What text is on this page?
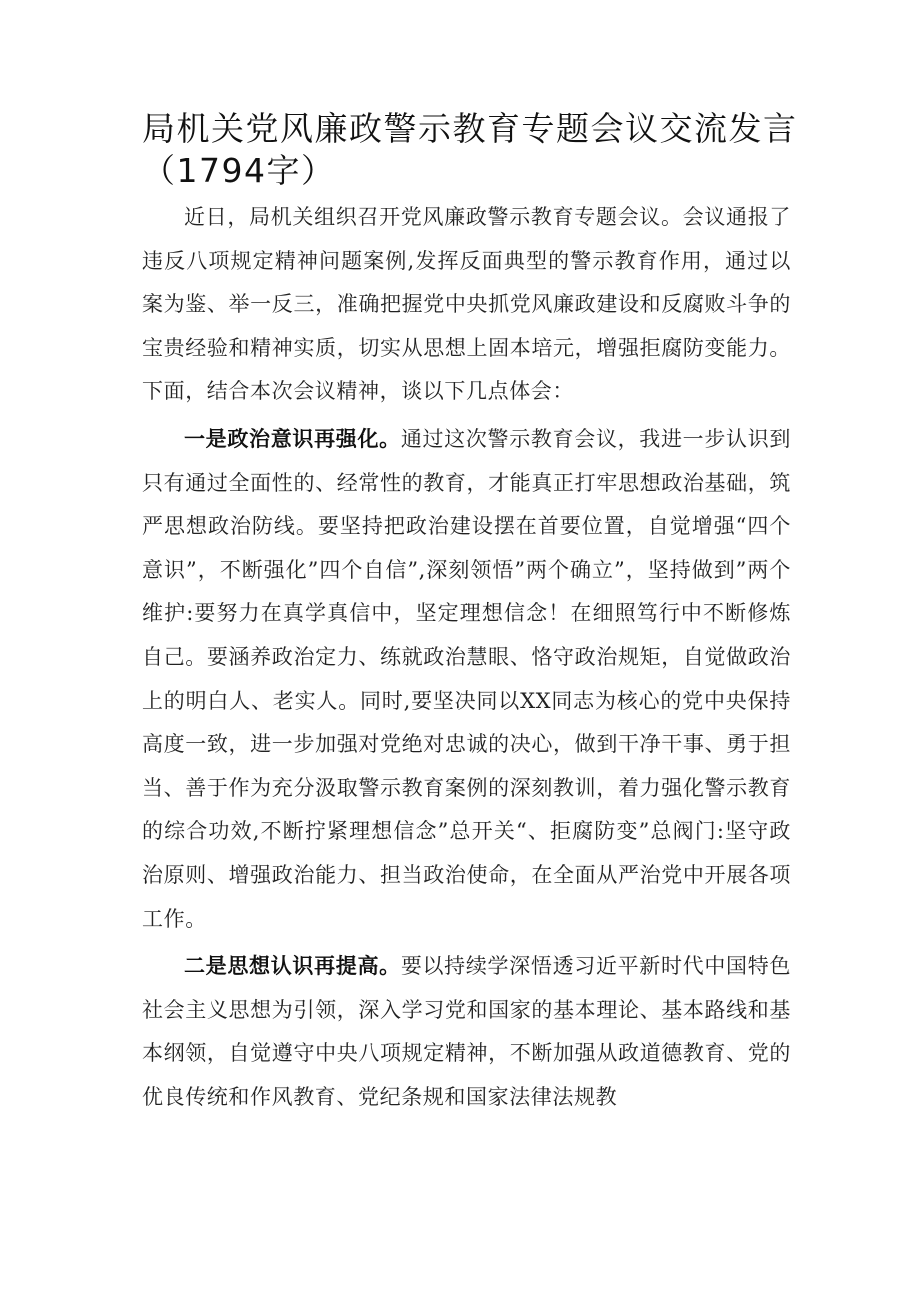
局机关党风廉政警示教育专题会议交流发言（1794字）

近日，局机关组织召开党风廉政警示教育专题会议。会议通报了违反八项规定精神问题案例,发挥反面典型的警示教育作用，通过以案为鉴、举一反三，准确把握党中央抓党风廉政建设和反腐败斗争的宝贵经验和精神实质，切实从思想上固本培元，增强拒腐防变能力。下面，结合本次会议精神，谈以下几点体会：

一是政治意识再强化。通过这次警示教育会议，我进一步认识到只有通过全面性的、经常性的教育，才能真正打牢思想政治基础，筑严思想政治防线。要坚持把政治建设摆在首要位置，自觉增强“四个意识”，不断强化”四个自信”,深刻领悟”两个确立”，坚持做到”两个维护:要努力在真学真信中，坚定理想信念！在细照笃行中不断修炼自己。要涵养政治定力、练就政治慧眼、恪守政治规矩，自觉做政治上的明白人、老实人。同时,要坚决同以XX同志为核心的党中央保持高度一致，进一步加强对党绝对忠诚的决心，做到干净干事、勇于担当、善于作为充分汲取警示教育案例的深刻教训，着力强化警示教育的综合功效,不断拧紧理想信念”总开关“、拒腐防变”总阀门:坚守政治原则、增强政治能力、担当政治使命，在全面从严治党中开展各项工作。

二是思想认识再提高。要以持续学深悟透习近平新时代中国特色社会主义思想为引领，深入学习党和国家的基本理论、基本路线和基本纲领，自觉遵守中央八项规定精神，不断加强从政道德教育、党的优良传统和作风教育、党纪条规和国家法律法规教
